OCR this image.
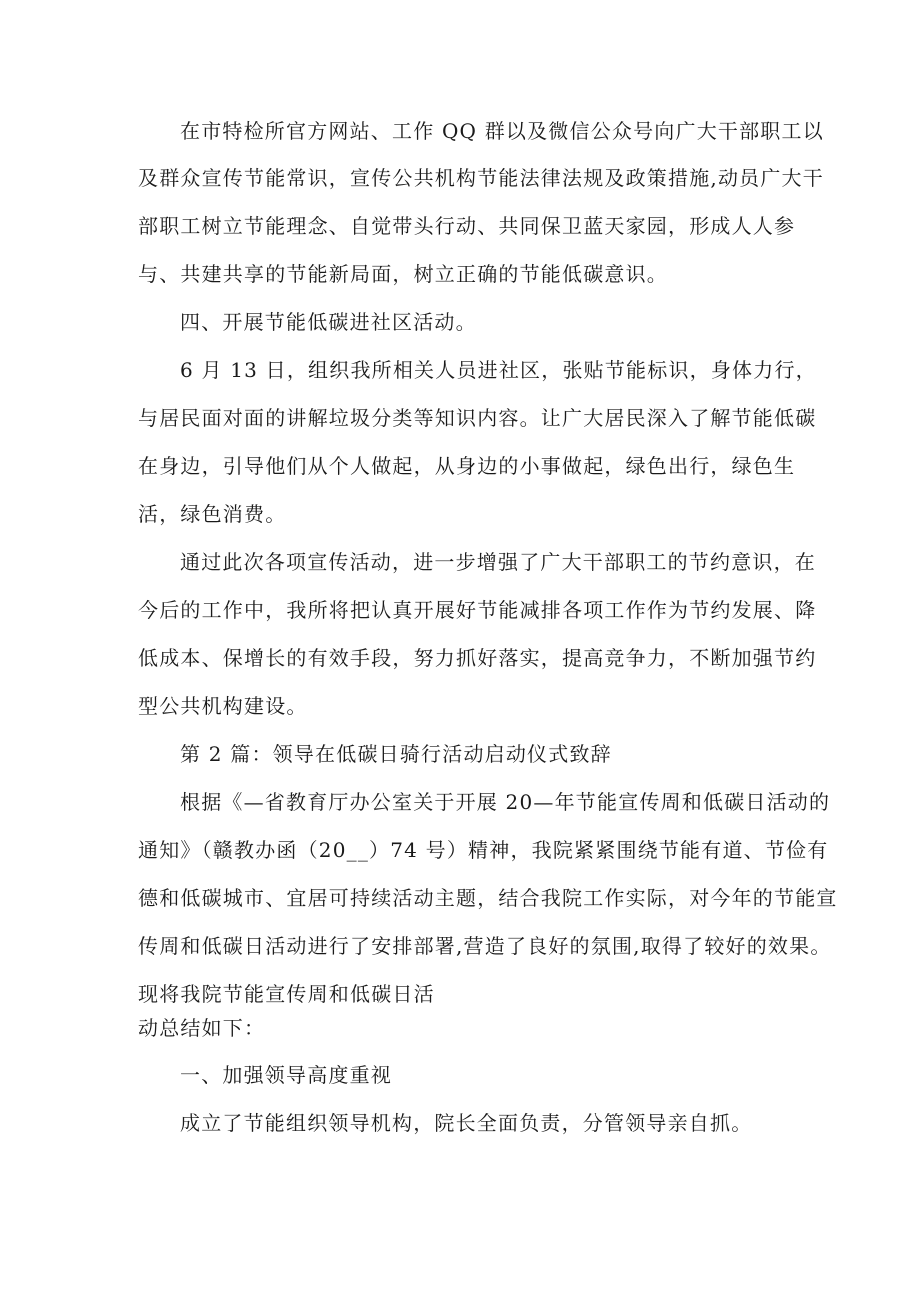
在市特检所官方网站、工作 QQ 群以及微信公众号向广大干部职工以
及群众宣传节能常识，宣传公共机构节能法律法规及政策措施,动员广大干
部职工树立节能理念、自觉带头行动、共同保卫蓝天家园，形成人人参
与、共建共享的节能新局面，树立正确的节能低碳意识。
四、开展节能低碳进社区活动。
6 月 13 日，组织我所相关人员进社区，张贴节能标识，身体力行，
与居民面对面的讲解垃圾分类等知识内容。让广大居民深入了解节能低碳
在身边，引导他们从个人做起，从身边的小事做起，绿色出行，绿色生
活，绿色消费。
通过此次各项宣传活动，进一步增强了广大干部职工的节约意识，在
今后的工作中，我所将把认真开展好节能减排各项工作作为节约发展、降
低成本、保增长的有效手段，努力抓好落实，提高竞争力，不断加强节约
型公共机构建设。
第 2 篇：领导在低碳日骑行活动启动仪式致辞
根据《—省教育厅办公室关于开展 20—年节能宣传周和低碳日活动的
通知》（赣教办函（20__）74 号）精神，我院紧紧围绕节能有道、节俭有
德和低碳城市、宜居可持续活动主题，结合我院工作实际，对今年的节能宣
传周和低碳日活动进行了安排部署,营造了良好的氛围,取得了较好的效果。
现将我院节能宣传周和低碳日活
动总结如下：
一、加强领导高度重视
成立了节能组织领导机构，院长全面负责，分管领导亲自抓。
